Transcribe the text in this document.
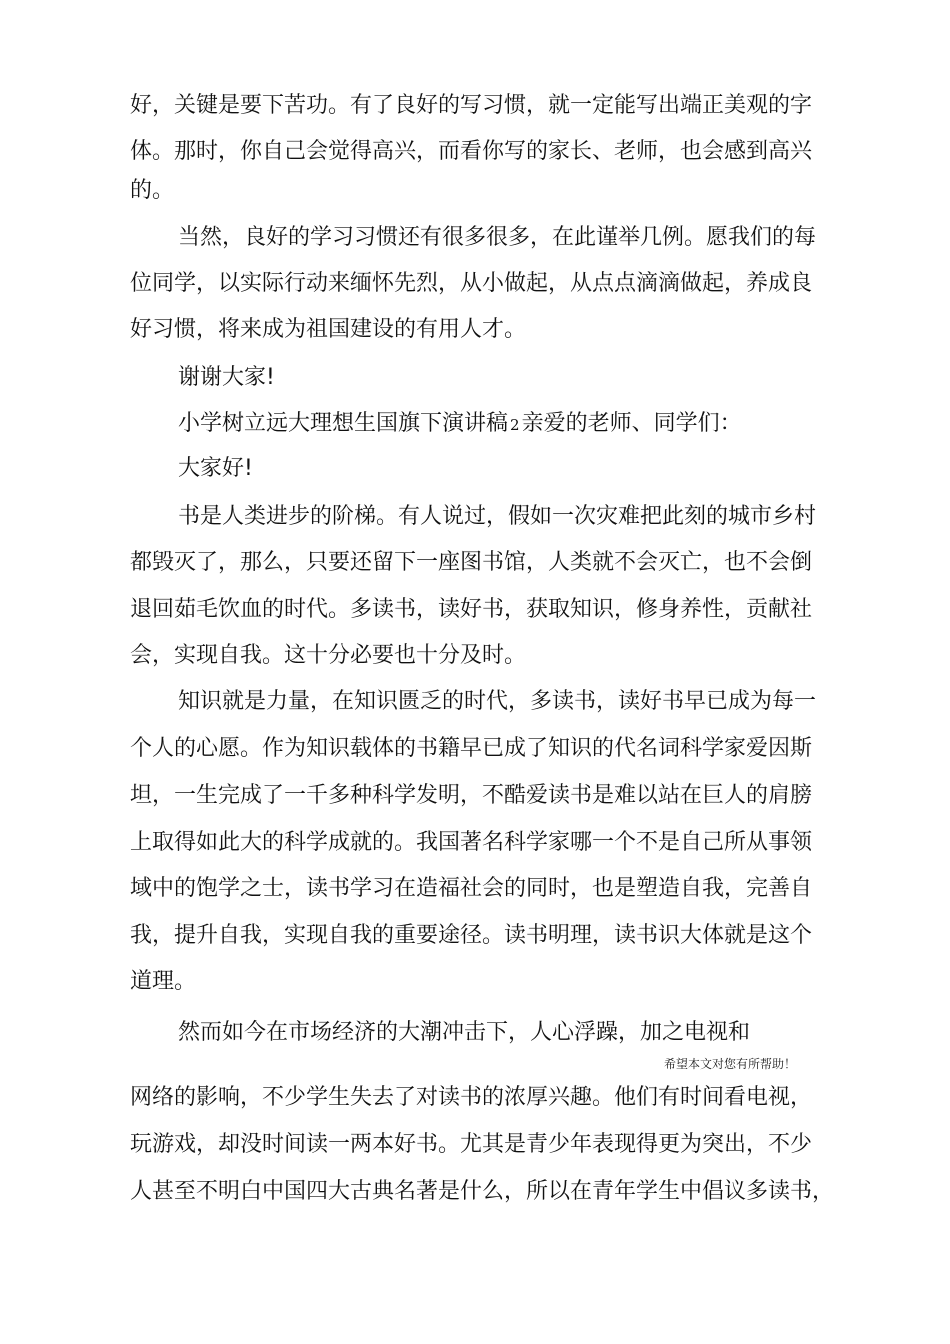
好，关键是要下苦功。有了良好的写习惯，就一定能写出端正美观的字
体。那时，你自己会觉得高兴，而看你写的家长、老师，也会感到高兴
的。
当然，良好的学习习惯还有很多很多，在此谨举几例。愿我们的每
位同学，以实际行动来缅怀先烈，从小做起，从点点滴滴做起，养成良
好习惯，将来成为祖国建设的有用人才。
谢谢大家!
小学树立远大理想生国旗下演讲稿 2亲爱的老师、同学们：
大家好!
书是人类进步的阶梯。有人说过，假如一次灾难把此刻的城市乡村
都毁灭了，那么，只要还留下一座图书馆，人类就不会灭亡，也不会倒
退回茹毛饮血的时代。多读书，读好书，获取知识，修身养性，贡献社
会，实现自我。这十分必要也十分及时。
知识就是力量，在知识匮乏的时代，多读书，读好书早已成为每一
个人的心愿。作为知识载体的书籍早已成了知识的代名词科学家爱因斯
坦，一生完成了一千多种科学发明，不酷爱读书是难以站在巨人的肩膀
上取得如此大的科学成就的。我国著名科学家哪一个不是自己所从事领
域中的饱学之士，读书学习在造福社会的同时，也是塑造自我，完善自
我，提升自我，实现自我的重要途径。读书明理，读书识大体就是这个
道理。
然而如今在市场经济的大潮冲击下，人心浮躁，加之电视和
希望本文对您有所帮助！
网络的影响，不少学生失去了对读书的浓厚兴趣。他们有时间看电视，
玩游戏，却没时间读一两本好书。尤其是青少年表现得更为突出，不少
人甚至不明白中国四大古典名著是什么，所以在青年学生中倡议多读书，
